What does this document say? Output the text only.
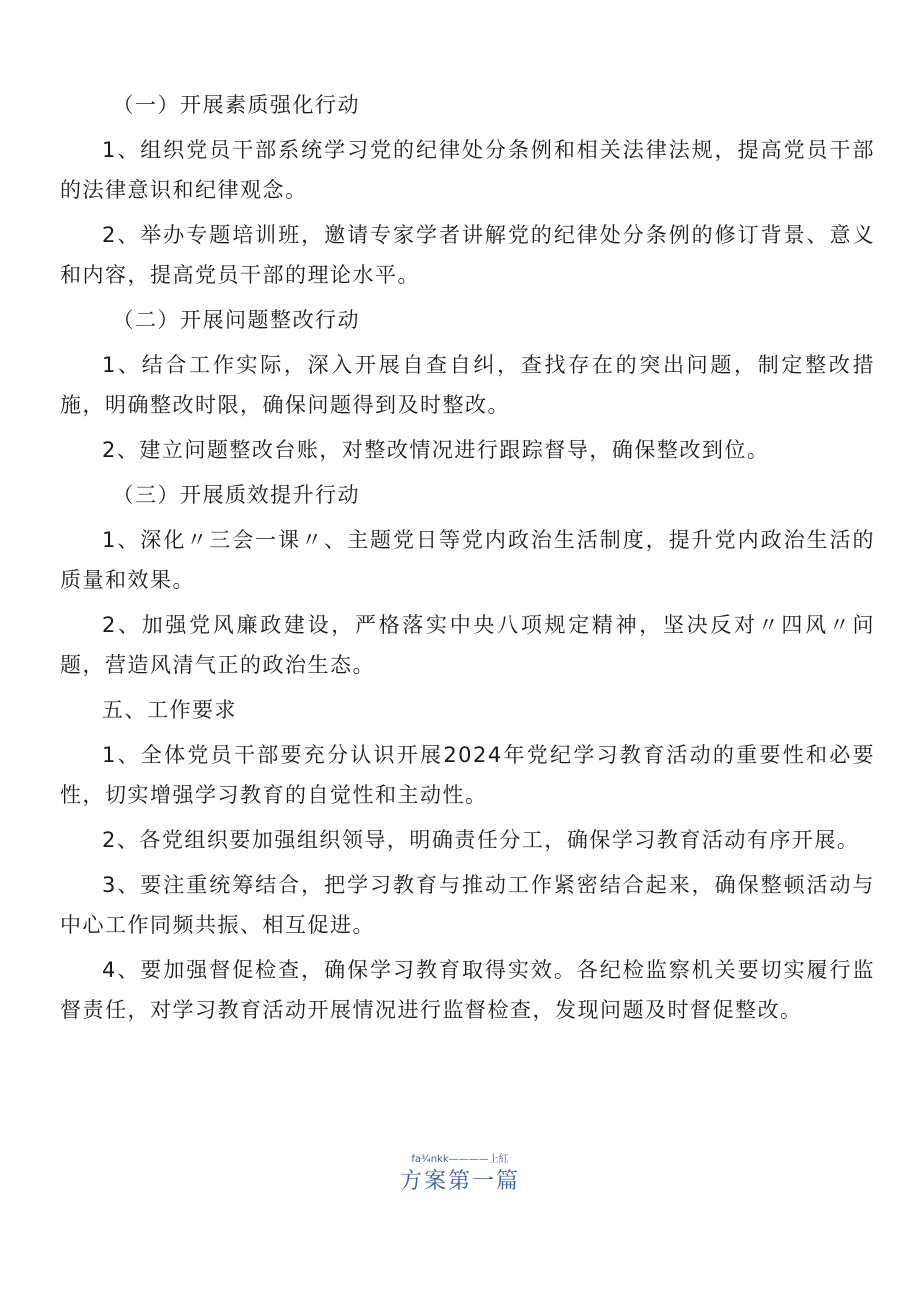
（一）开展素质强化行动

1、组织党员干部系统学习党的纪律处分条例和相关法律法规，提高党员干部的法律意识和纪律观念。

2、举办专题培训班，邀请专家学者讲解党的纪律处分条例的修订背景、意义和内容，提高党员干部的理论水平。

（二）开展问题整改行动

1、结合工作实际，深入开展自查自纠，查找存在的突出问题，制定整改措施，明确整改时限，确保问题得到及时整改。

2、建立问题整改台账，对整改情况进行跟踪督导，确保整改到位。

（三）开展质效提升行动

1、深化〃三会一课〃、主题党日等党内政治生活制度，提升党内政治生活的质量和效果。

2、加强党风廉政建设，严格落实中央八项规定精神，坚决反对〃四风〃问题，营造风清气正的政治生态。

五、工作要求

1、全体党员干部要充分认识开展2024年党纪学习教育活动的重要性和必要性，切实增强学习教育的自觉性和主动性。

2、各党组织要加强组织领导，明确责任分工，确保学习教育活动有序开展。

3、要注重统筹结合，把学习教育与推动工作紧密结合起来，确保整顿活动与中心工作同频共振、相互促进。

4、要加强督促检查，确保学习教育取得实效。各纪检监察机关要切实履行监督责任，对学习教育活动开展情况进行监督检查，发现问题及时督促整改。

fa¾nkk————上紅
方案第一篇
